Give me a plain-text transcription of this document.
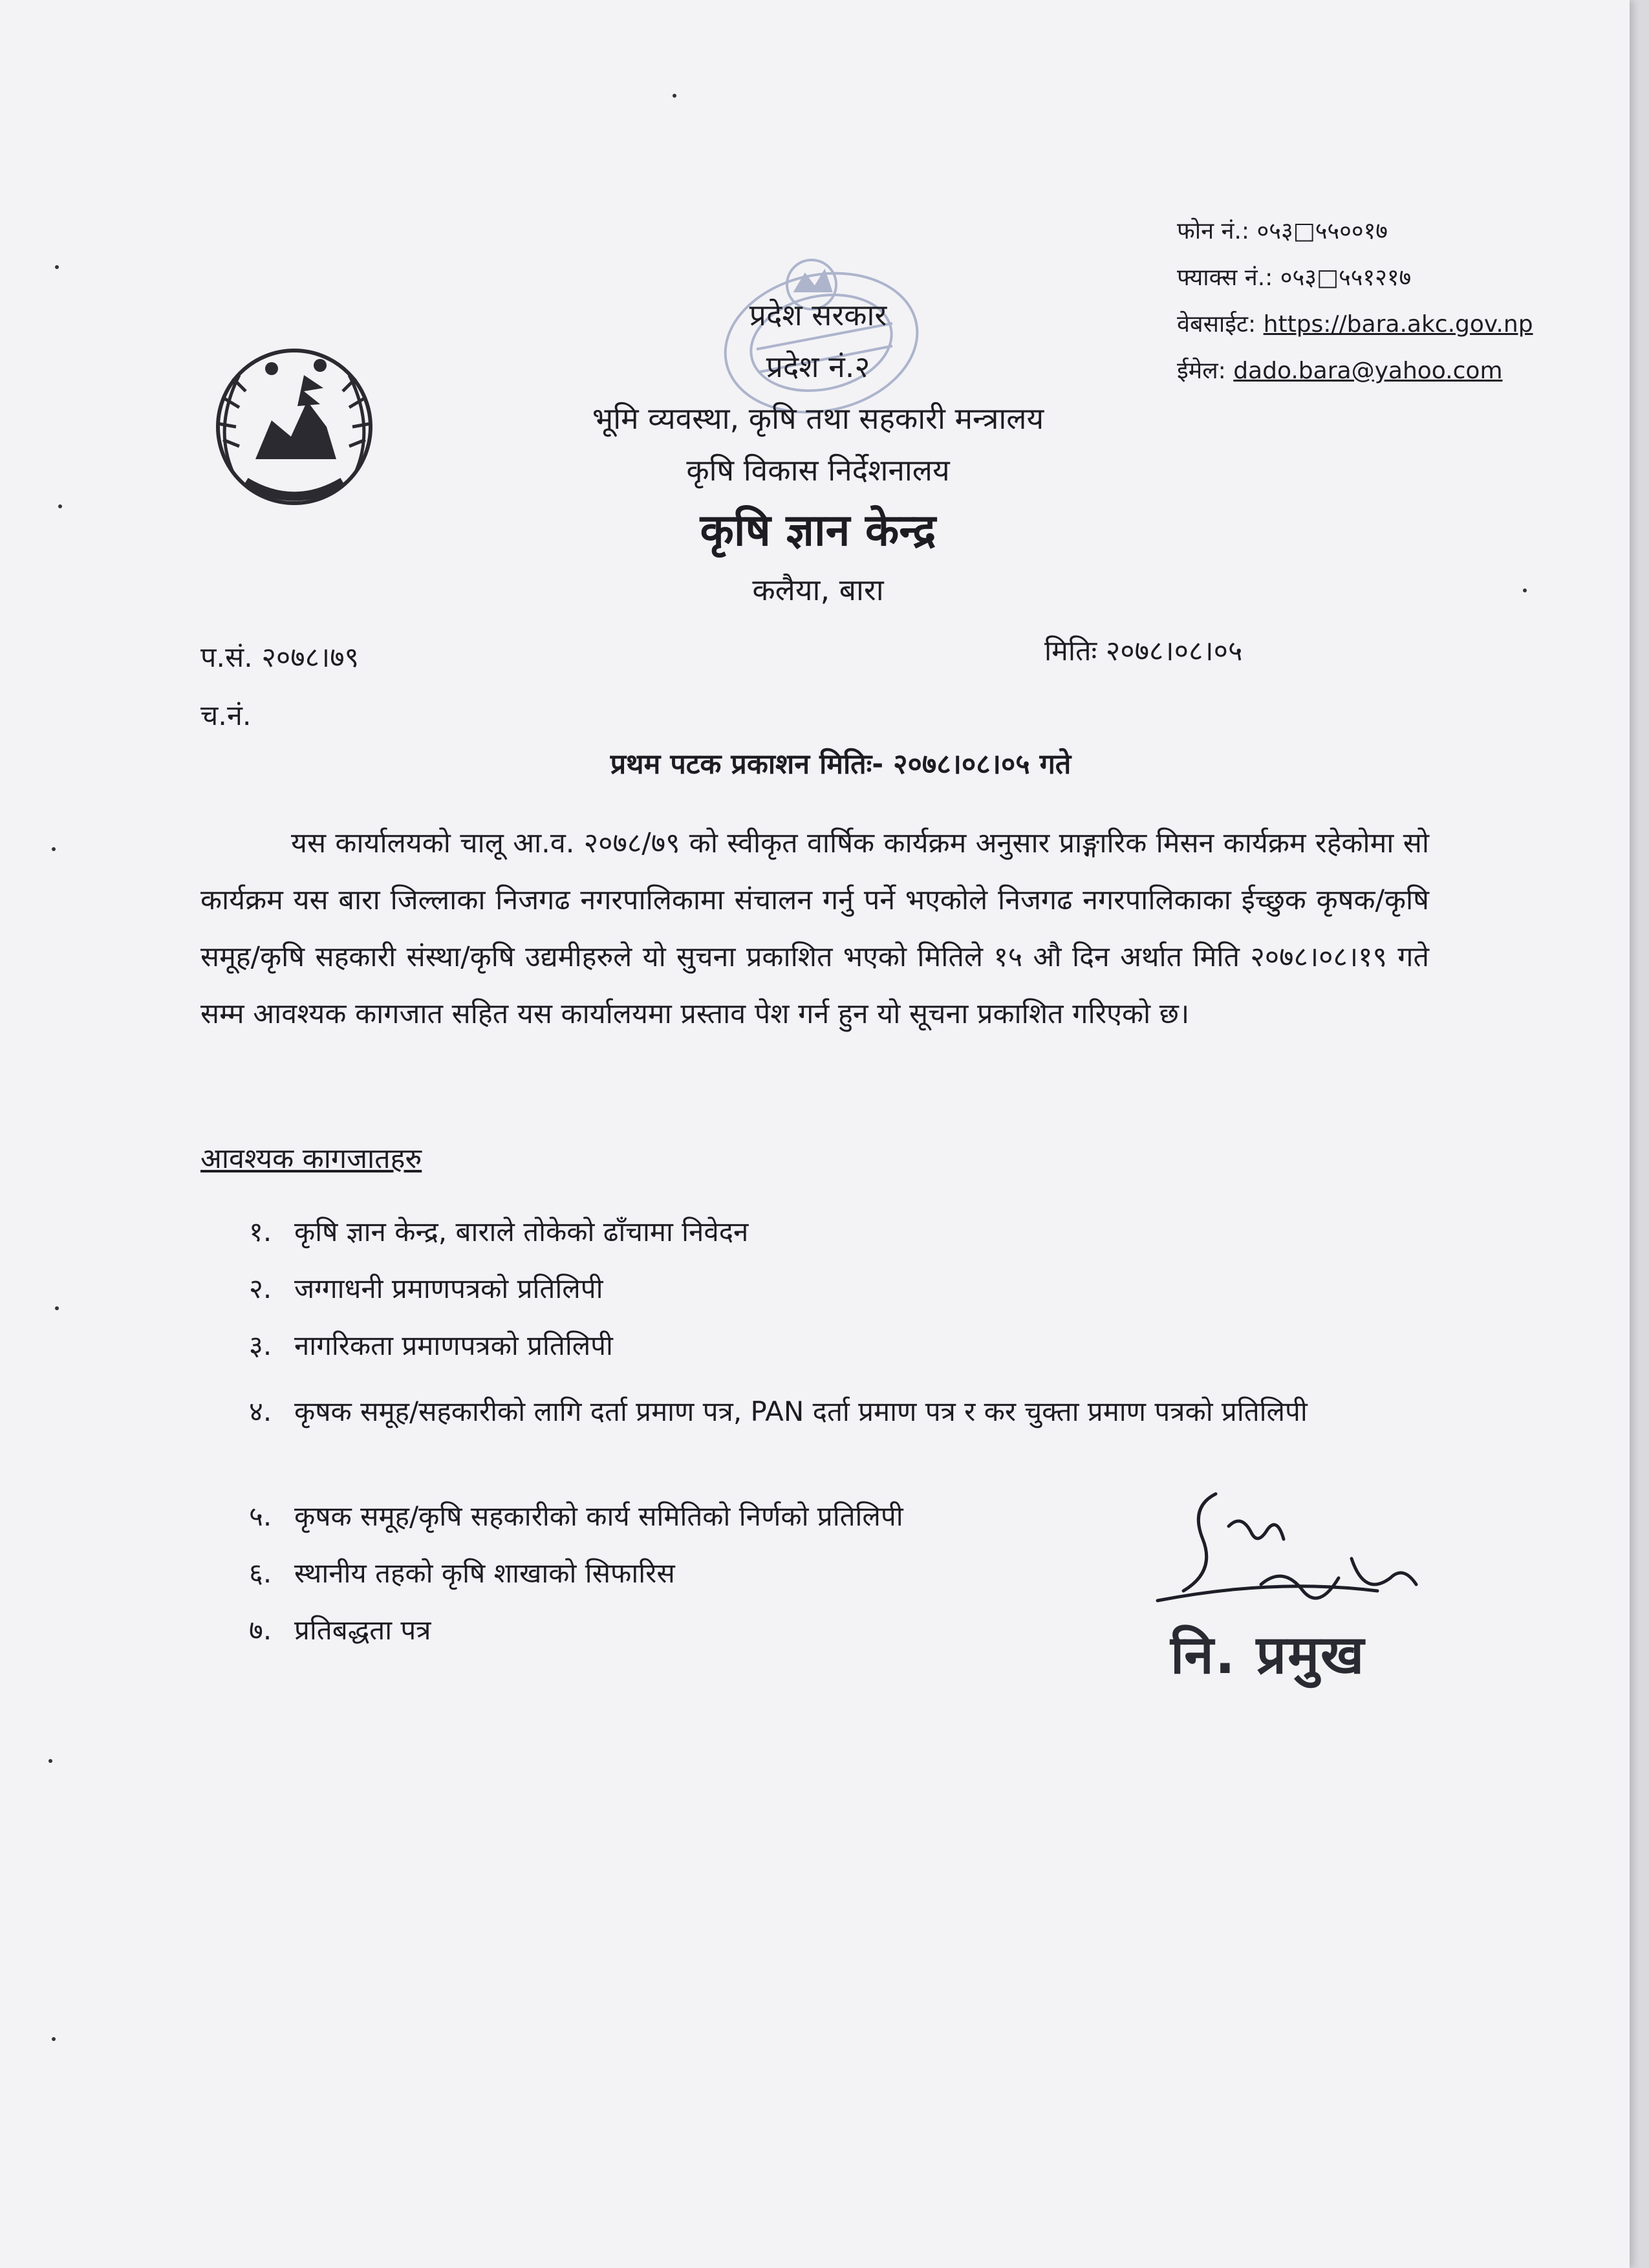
फोन नं.: ०५३□५५००१७
फ्याक्स नं.: ०५३□५५१२१७
वेबसाईट: https://bara.akc.gov.np
ईमेल: dado.bara@yahoo.com
प्रदेश सरकार
प्रदेश नं.२
भूमि व्यवस्था, कृषि तथा सहकारी मन्त्रालय
कृषि विकास निर्देशनालय
कृषि ज्ञान केन्द्र
कलैया, बारा
प.सं. २०७८।७९
च.नं.
मितिः २०७८।०८।०५
प्रथम पटक प्रकाशन मितिः- २०७८।०८।०५ गते
यस कार्यालयको चालू आ.व. २०७८/७९ को स्वीकृत वार्षिक कार्यक्रम अनुसार प्राङ्गारिक मिसन कार्यक्रम रहेकोमा सो कार्यक्रम यस बारा जिल्लाका निजगढ नगरपालिकामा संचालन गर्नु पर्ने भएकोले निजगढ नगरपालिकाका ईच्छुक कृषक/कृषि समूह/कृषि सहकारी संस्था/कृषि उद्यमीहरुले यो सुचना प्रकाशित भएको मितिले १५ औ दिन अर्थात मिति २०७८।०८।१९ गते सम्म आवश्यक कागजात सहित यस कार्यालयमा प्रस्ताव पेश गर्न हुन यो सूचना प्रकाशित गरिएको छ।
आवश्यक कागजातहरु
१. कृषि ज्ञान केन्द्र, बाराले तोकेको ढाँचामा निवेदन
२. जग्गाधनी प्रमाणपत्रको प्रतिलिपी
३. नागरिकता प्रमाणपत्रको प्रतिलिपी
४. कृषक समूह/सहकारीको लागि दर्ता प्रमाण पत्र, PAN दर्ता प्रमाण पत्र र कर चुक्ता प्रमाण पत्रको प्रतिलिपी
५. कृषक समूह/कृषि सहकारीको कार्य समितिको निर्णको प्रतिलिपी
६. स्थानीय तहको कृषि शाखाको सिफारिस
७. प्रतिबद्धता पत्र	नि. प्रमुख
